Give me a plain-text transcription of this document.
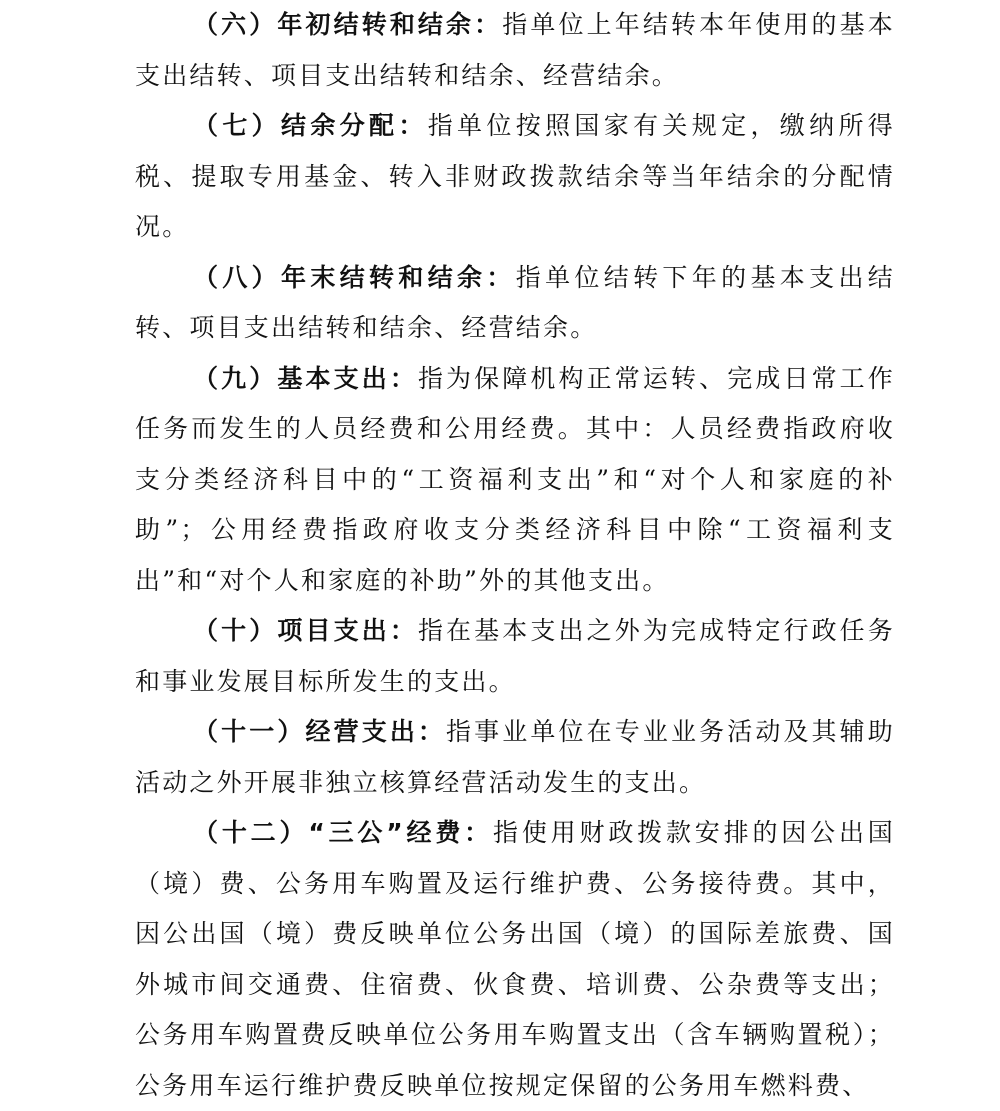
（六）年初结转和结余：指单位上年结转本年使用的基本支出结转、项目支出结转和结余、经营结余。

（七）结余分配：指单位按照国家有关规定，缴纳所得税、提取专用基金、转入非财政拨款结余等当年结余的分配情况。

（八）年末结转和结余：指单位结转下年的基本支出结转、项目支出结转和结余、经营结余。

（九）基本支出：指为保障机构正常运转、完成日常工作任务而发生的人员经费和公用经费。其中：人员经费指政府收支分类经济科目中的“工资福利支出”和“对个人和家庭的补助”；公用经费指政府收支分类经济科目中除“工资福利支出”和“对个人和家庭的补助”外的其他支出。

（十）项目支出：指在基本支出之外为完成特定行政任务和事业发展目标所发生的支出。

（十一）经营支出：指事业单位在专业业务活动及其辅助活动之外开展非独立核算经营活动发生的支出。

（十二）“三公”经费：指使用财政拨款安排的因公出国（境）费、公务用车购置及运行维护费、公务接待费。其中，因公出国（境）费反映单位公务出国（境）的国际差旅费、国外城市间交通费、住宿费、伙食费、培训费、公杂费等支出；公务用车购置费反映单位公务用车购置支出（含车辆购置税）；公务用车运行维护费反映单位按规定保留的公务用车燃料费、
